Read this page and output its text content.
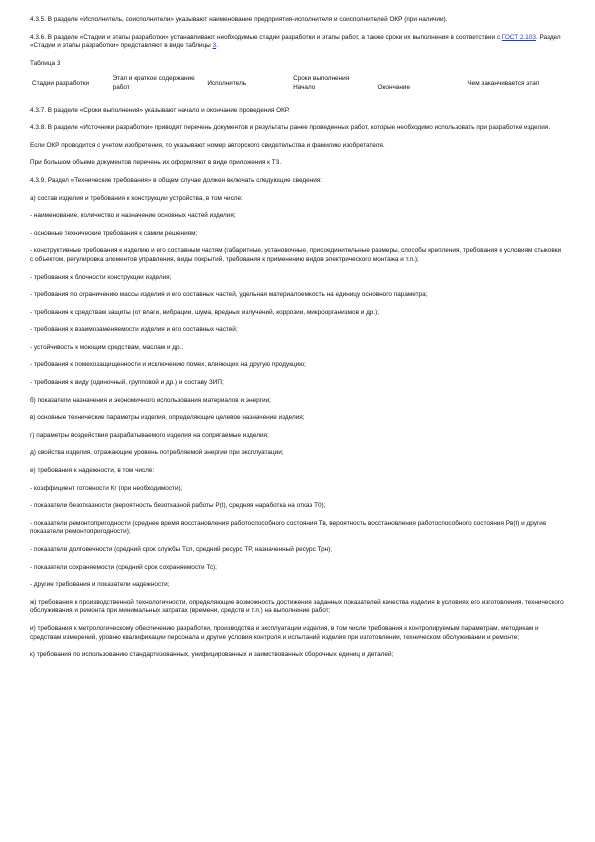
4.3.5. В разделе «Исполнитель, соисполнители» указывают наименование предприятия-исполнителя и соисполнителей ОКР (при наличии).

4.3.6. В разделе «Стадии и этапы разработки» устанавливают необходимые стадии разработки и этапы работ, а также сроки их выполнения в соответствии с ГОСТ 2.103. Раздел «Стадии и этапы разработки» представляют в виде таблицы 3.

Таблица 3

Стадии разработки	Этап и краткое содержание работ	Исполнитель	Сроки выполнения		Чем заканчивается этап
			Начало	Окончание	

4.3.7. В разделе «Сроки выполнения» указывают начало и окончание проведения ОКР.

4.3.8. В разделе «Источники разработки» приводят перечень документов и результаты ранее проведенных работ, которые необходимо использовать при разработке изделия.

Если ОКР проводится с учетом изобретения, то указывают номер авторского свидетельства и фамилию изобретателя.

При большом объеме документов перечень их оформляют в виде приложения к ТЗ.

4.3.9. Раздел «Технические требования» в общем случае должен включать следующие сведения:

а) состав изделия и требования к конструкции устройства, в том числе:

- наименование, количество и назначение основных частей изделия;

- основные технические требования к самим решениям;

- конструктивные требования к изделию и его составным частям (габаритные, установочные, присоединительные размеры, способы крепления, требования к условиям стыковки с объектом, регулировка элементов управления, виды покрытий, требования к применению видов электрического монтажа и т.п.);

- требования к блочности конструкции изделия;

- требования по ограничению массы изделия и его составных частей, удельная материалоемкость на единицу основного параметра;

- требования к средствам защиты (от влаги, вибрации, шума, вредных излучений, коррозии, микроорганизмов и др.);

- требования к взаимозаменяемости изделия и его составных частей;

- устойчивость к моющим средствам, маслам и др.;

- требования к помехозащищенности и исключению помех, влияющих на другую продукцию;

- требования к виду (одиночный, групповой и др.) и составу ЗИП;

б) показатели назначения и экономичного использования материалов и энергии;

в) основные технические параметры изделия, определяющие целевое назначение изделия;

г) параметры воздействия разрабатываемого изделия на сопрягаемые изделия;

д) свойства изделия, отражающие уровень потребляемой энергии при эксплуатации;

е) требования к надежности, в том числе:

- коэффициент готовности Кг (при необходимости);

- показатели безотказности (вероятность безотказной работы P(t), средняя наработка на отказ T0);

- показатели ремонтопригодности (среднее время восстановления работоспособного состояния Тв, вероятность восстановления работоспособного состояния Рв(t) и другие показатели ремонтопригодности);

- показатели долговечности (средний срок службы Тсл, средний ресурс ТР, назначенный ресурс Трн);

- показатели сохраняемости (средний срок сохраняемости Тс);

- другие требования и показатели надежности;

ж) требования к производственной технологичности, определяющие возможность достижения заданных показателей качества изделия в условиях его изготовления, технического обслуживания и ремонта при минимальных затратах (времени, средств и т.п.) на выполнение работ;

и) требования к метрологическому обеспечению разработки, производства и эксплуатации изделия, в том числе требования к контролируемым параметрам, методикам и средствам измерений, уровню квалификации персонала и другие условия контроля и испытаний изделия при изготовлении, техническом обслуживании и ремонте;

к) требования по использованию стандартизованных, унифицированных и заимствованных сборочных единиц и деталей;
